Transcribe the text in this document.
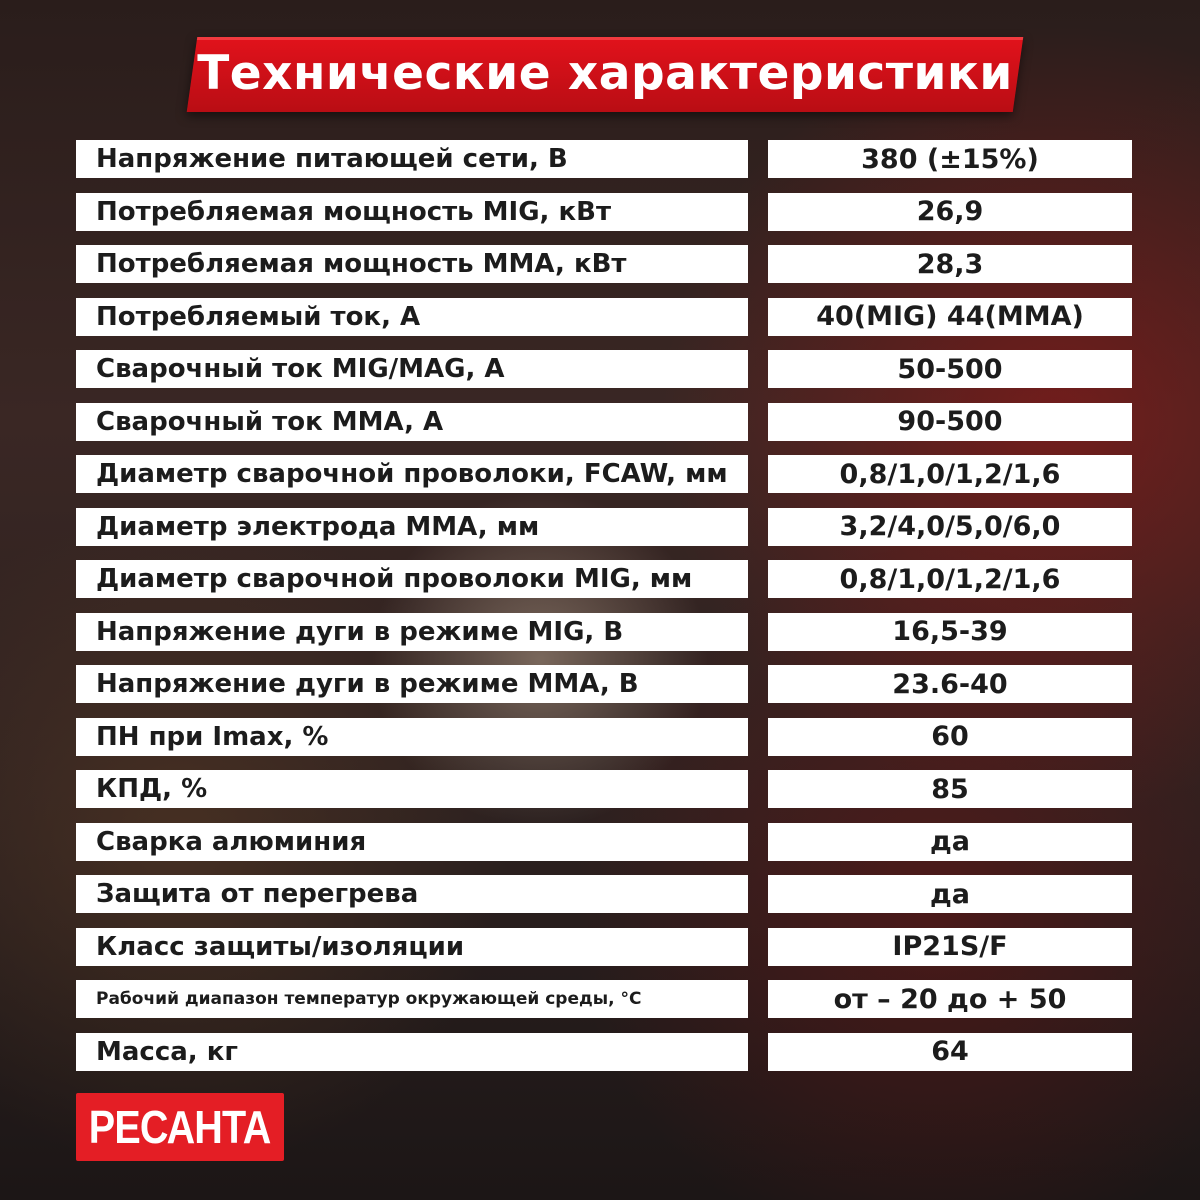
Технические характеристики
Напряжение питающей сети, В	380 (±15%)
Потребляемая мощность MIG, кВт	26,9
Потребляемая мощность MMA, кВт	28,3
Потребляемый ток, А	40(MIG) 44(MMA)
Сварочный ток MIG/MAG, А	50-500
Сварочный ток MMA, А	90-500
Диаметр сварочной проволоки, FCAW, мм	0,8/1,0/1,2/1,6
Диаметр электрода MMA, мм	3,2/4,0/5,0/6,0
Диаметр сварочной проволоки MIG, мм	0,8/1,0/1,2/1,6
Напряжение дуги в режиме MIG, В	16,5-39
Напряжение дуги в режиме MMA, В	23.6-40
ПН при Imax, %	60
КПД, %	85
Сварка алюминия	да
Защита от перегрева	да
Класс защиты/изоляции	IP21S/F
Рабочий диапазон температур окружающей среды, °С	от – 20 до + 50
Масса, кг	64
РЕСАНТА
